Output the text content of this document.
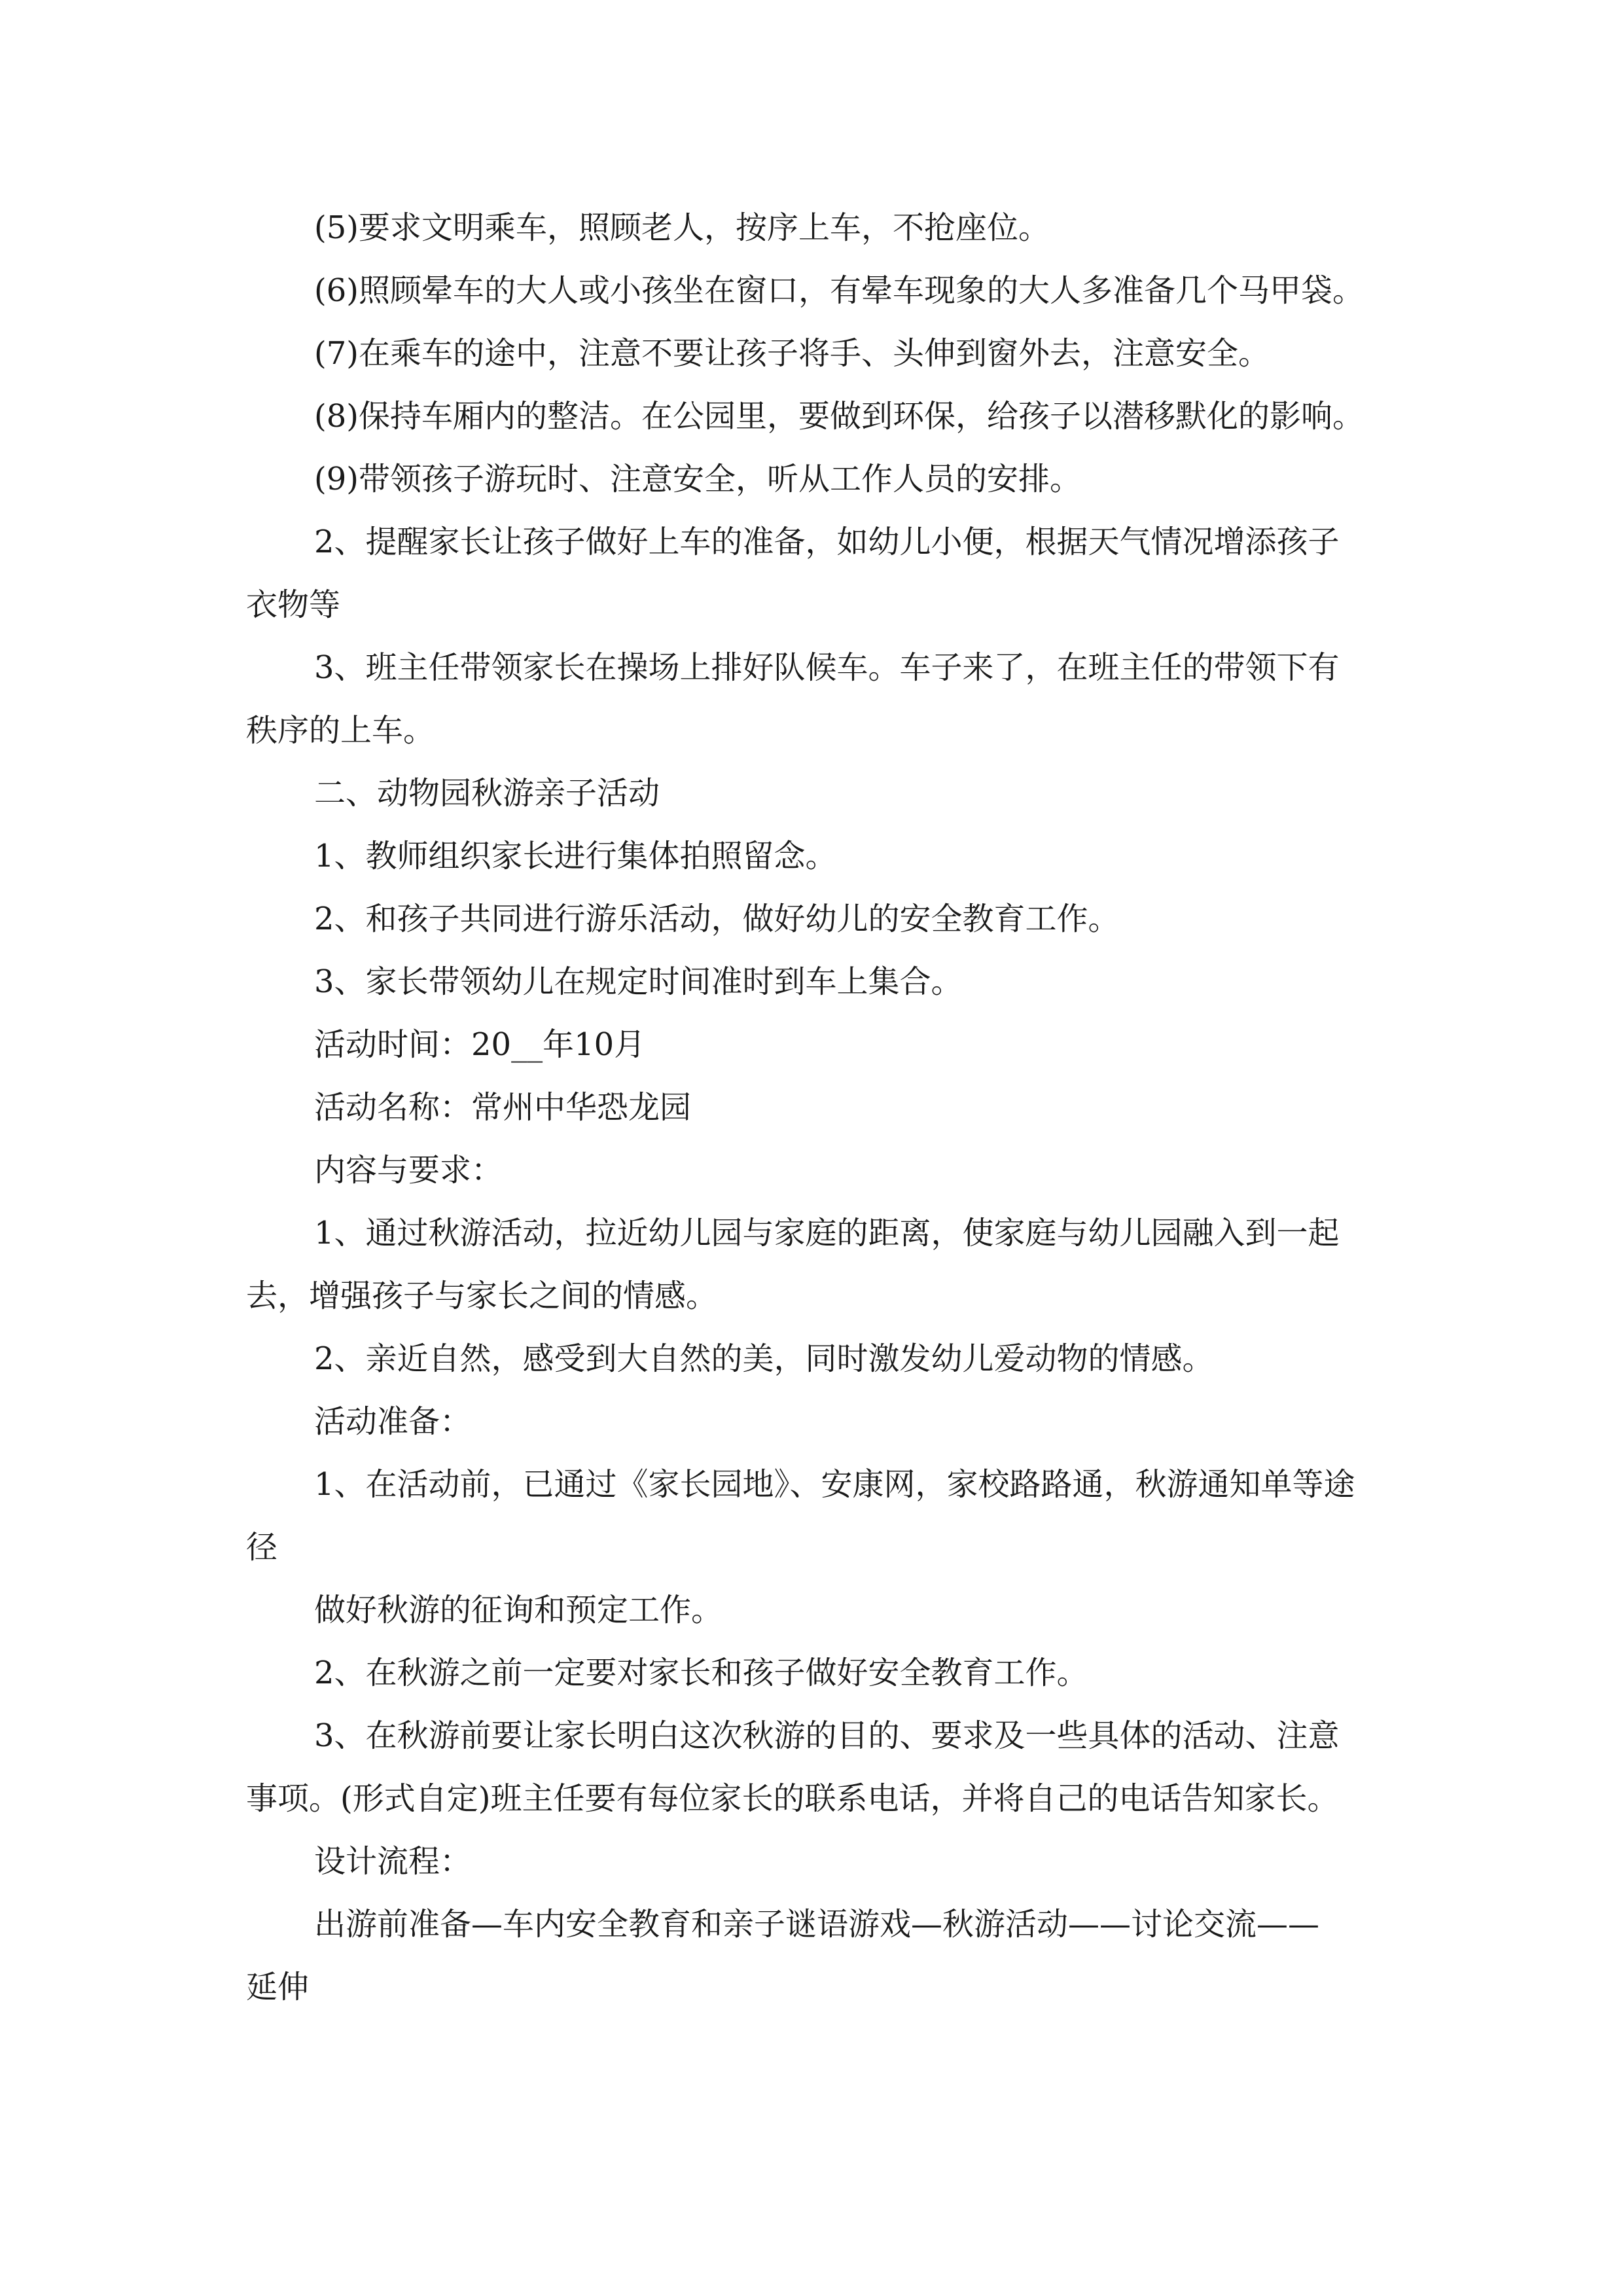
(5)要求文明乘车，照顾老人，按序上车，不抢座位。

(6)照顾晕车的大人或小孩坐在窗口，有晕车现象的大人多准备几个马甲袋。

(7)在乘车的途中，注意不要让孩子将手、头伸到窗外去，注意安全。

(8)保持车厢内的整洁。在公园里，要做到环保，给孩子以潜移默化的影响。

(9)带领孩子游玩时、注意安全，听从工作人员的安排。

2、提醒家长让孩子做好上车的准备，如幼儿小便，根据天气情况增添孩子
衣物等

3、班主任带领家长在操场上排好队候车。车子来了，在班主任的带领下有
秩序的上车。

二、动物园秋游亲子活动

1、教师组织家长进行集体拍照留念。

2、和孩子共同进行游乐活动，做好幼儿的安全教育工作。

3、家长带领幼儿在规定时间准时到车上集合。

活动时间：20__年10月

活动名称：常州中华恐龙园

内容与要求：

1、通过秋游活动，拉近幼儿园与家庭的距离，使家庭与幼儿园融入到一起
去，增强孩子与家长之间的情感。

2、亲近自然，感受到大自然的美，同时激发幼儿爱动物的情感。

活动准备：

1、在活动前，已通过《家长园地》、安康网，家校路路通，秋游通知单等途
径

做好秋游的征询和预定工作。

2、在秋游之前一定要对家长和孩子做好安全教育工作。

3、在秋游前要让家长明白这次秋游的目的、要求及一些具体的活动、注意
事项。(形式自定)班主任要有每位家长的联系电话，并将自己的电话告知家长。

设计流程：

出游前准备—车内安全教育和亲子谜语游戏—秋游活动——讨论交流——
延伸
